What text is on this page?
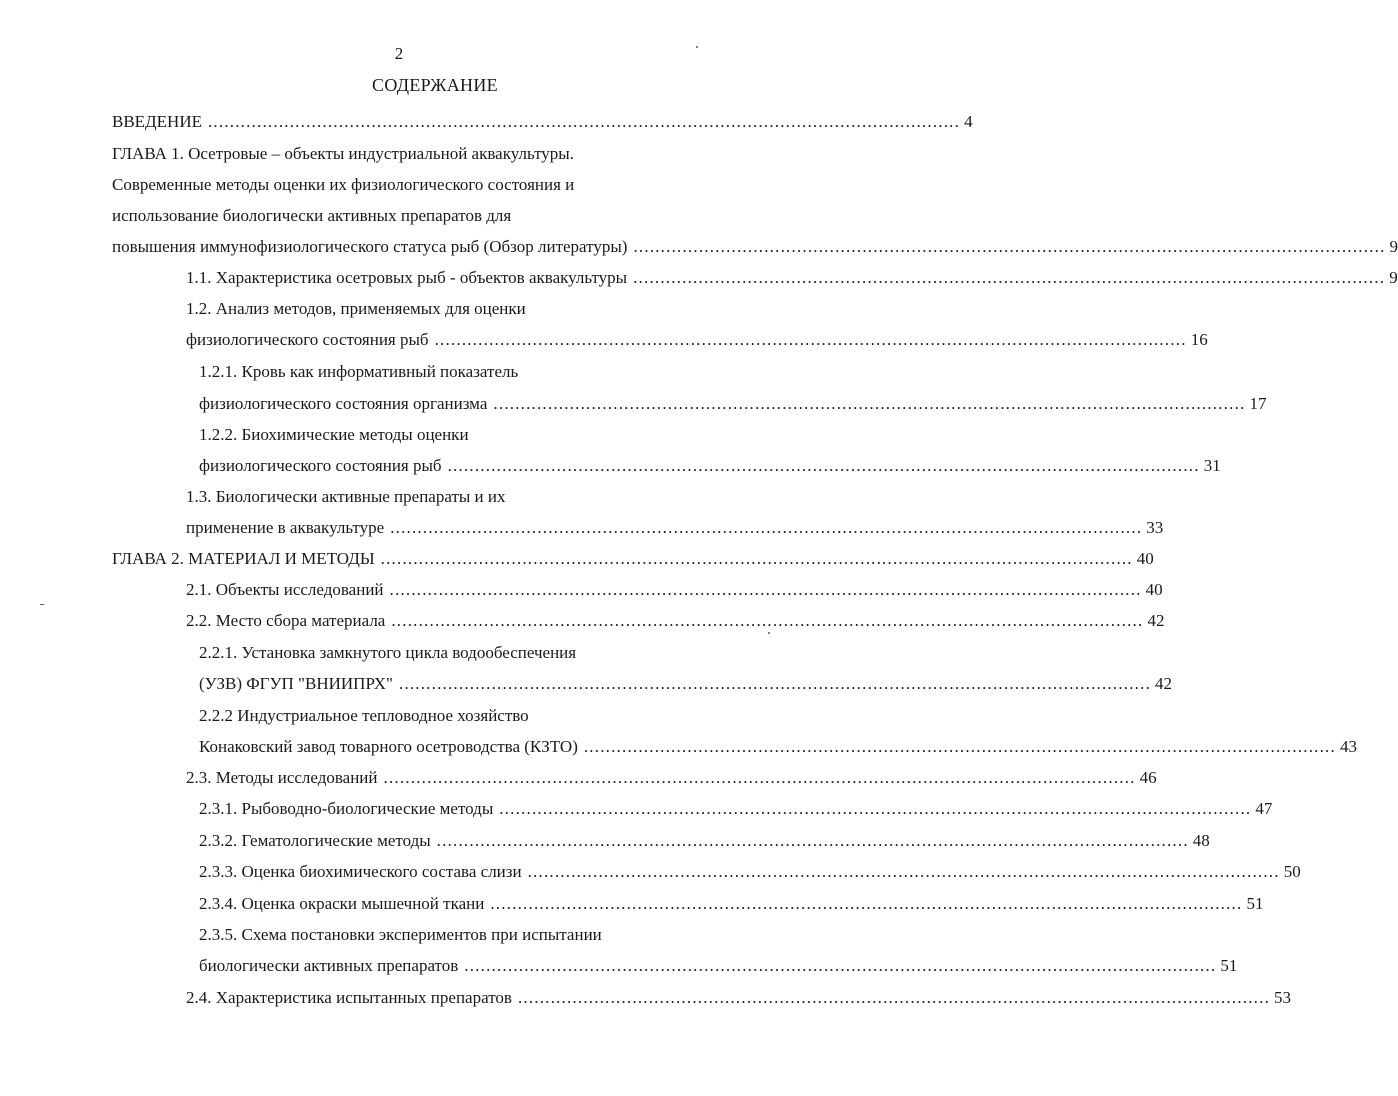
2
СОДЕРЖАНИЕ
ВВЕДЕНИЕ .......................................................................................................................................... 4
ГЛАВА 1. Осетровые – объекты индустриальной аквакультуры.
Современные методы оценки их физиологического состояния и
использование биологически активных препаратов для
повышения иммунофизиологического статуса рыб (Обзор литературы) .......................................................................................................................................... 9
1.1. Характеристика осетровых рыб - объектов аквакультуры .......................................................................................................................................... 9
1.2. Анализ методов, применяемых для оценки
физиологического состояния рыб .......................................................................................................................................... 16
1.2.1. Кровь как информативный показатель
физиологического состояния организма .......................................................................................................................................... 17
1.2.2. Биохимические методы оценки
физиологического состояния рыб .......................................................................................................................................... 31
1.3. Биологически активные препараты и их
применение в аквакультуре .......................................................................................................................................... 33
ГЛАВА 2. МАТЕРИАЛ И МЕТОДЫ .......................................................................................................................................... 40
2.1. Объекты исследований .......................................................................................................................................... 40
2.2. Место сбора материала .......................................................................................................................................... 42
2.2.1. Установка замкнутого цикла водообеспечения
(УЗВ) ФГУП "ВНИИПРХ" .......................................................................................................................................... 42
2.2.2 Индустриальное тепловодное хозяйство
Конаковский завод товарного осетроводства (КЗТО) .......................................................................................................................................... 43
2.3. Методы исследований .......................................................................................................................................... 46
2.3.1. Рыбоводно-биологические методы .......................................................................................................................................... 47
2.3.2. Гематологические методы .......................................................................................................................................... 48
2.3.3. Оценка биохимического состава слизи .......................................................................................................................................... 50
2.3.4. Оценка окраски мышечной ткани .......................................................................................................................................... 51
2.3.5. Схема постановки экспериментов при испытании
биологически активных препаратов .......................................................................................................................................... 51
2.4. Характеристика испытанных препаратов .......................................................................................................................................... 53
